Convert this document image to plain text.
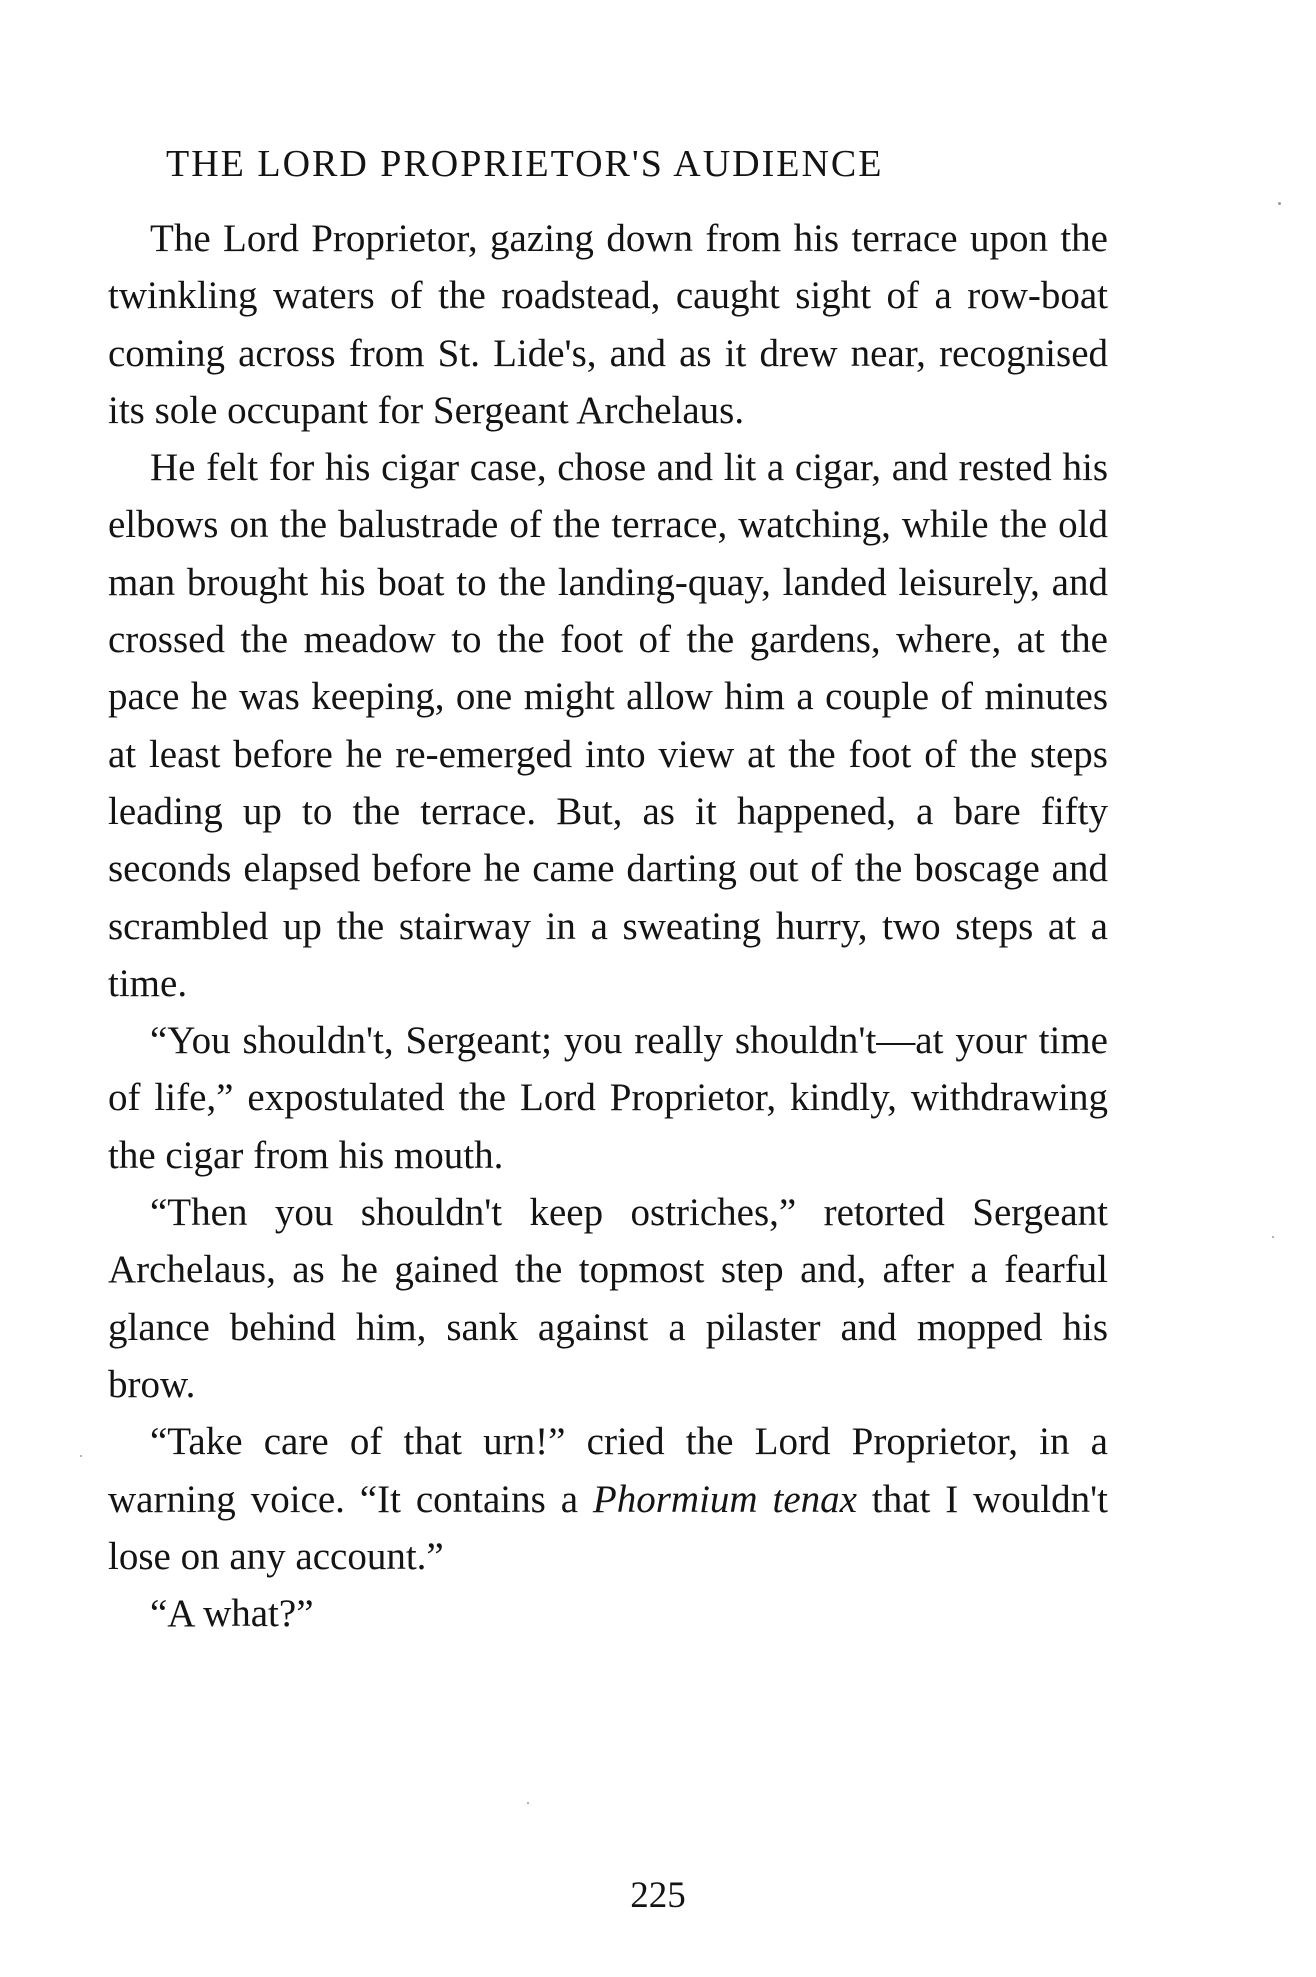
THE LORD PROPRIETOR'S AUDIENCE

The Lord Proprietor, gazing down from his terrace upon the twinkling waters of the roadstead, caught sight of a row-boat coming across from St. Lide's, and as it drew near, recognised its sole occupant for Sergeant Archelaus.

He felt for his cigar case, chose and lit a cigar, and rested his elbows on the balustrade of the terrace, watching, while the old man brought his boat to the landing-quay, landed leisurely, and crossed the meadow to the foot of the gardens, where, at the pace he was keeping, one might allow him a couple of minutes at least before he re-emerged into view at the foot of the steps leading up to the terrace. But, as it happened, a bare fifty seconds elapsed before he came darting out of the boscage and scrambled up the stairway in a sweating hurry, two steps at a time.

“You shouldn't, Sergeant; you really shouldn't—at your time of life,” expostulated the Lord Proprietor, kindly, withdrawing the cigar from his mouth.

“Then you shouldn't keep ostriches,” retorted Sergeant Archelaus, as he gained the topmost step and, after a fearful glance behind him, sank against a pilaster and mopped his brow.

“Take care of that urn!” cried the Lord Proprietor, in a warning voice. “It contains a Phormium tenax that I wouldn't lose on any account.”

“A what?”

225
